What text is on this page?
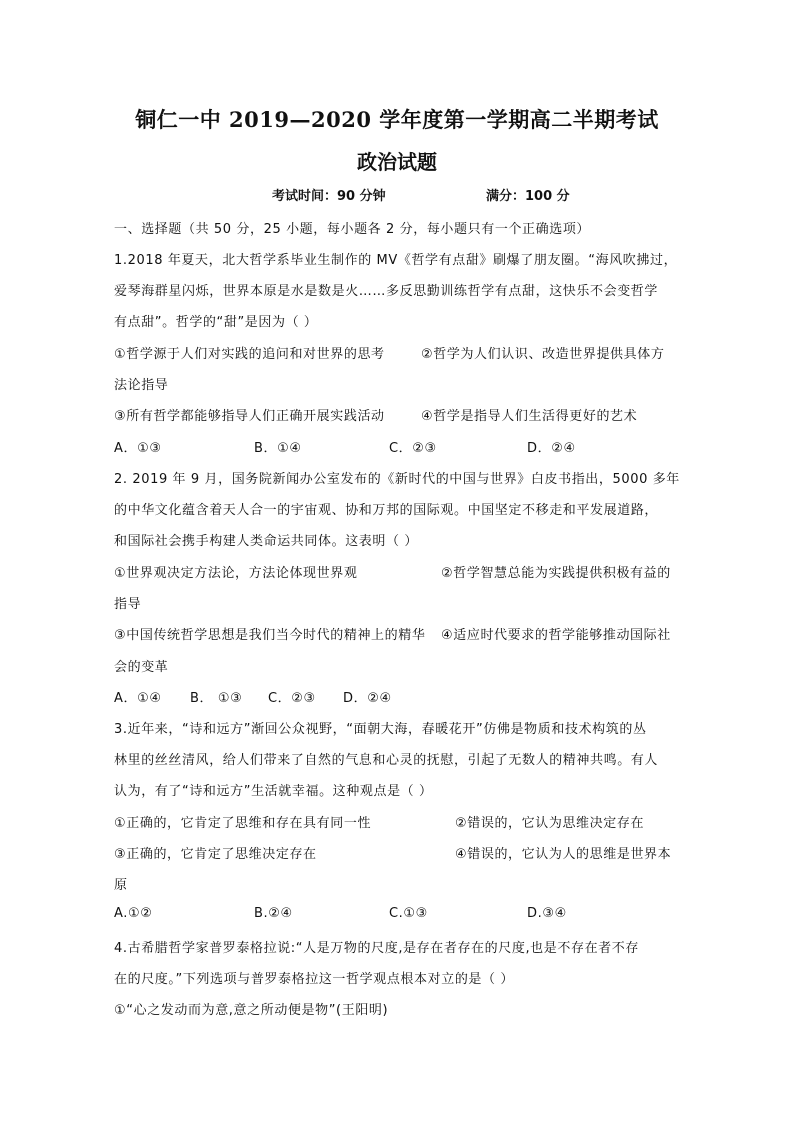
铜仁一中 2019—2020 学年度第一学期高二半期考试
政治试题
考试时间：90 分钟	满分：100 分
一、选择题（共 50 分，25 小题，每小题各 2 分，每小题只有一个正确选项）
1.2018 年夏天，北大哲学系毕业生制作的 MV《哲学有点甜》刷爆了朋友圈。“海风吹拂过，
爱琴海群星闪烁，世界本原是水是数是火……多反思勤训练哲学有点甜，这快乐不会变哲学
有点甜”。哲学的“甜”是因为（ ）
①哲学源于人们对实践的追问和对世界的思考	②哲学为人们认识、改造世界提供具体方
法论指导
③所有哲学都能够指导人们正确开展实践活动	④哲学是指导人们生活得更好的艺术
A．①③	B．①④	C．②③	D．②④
2. 2019 年 9 月，国务院新闻办公室发布的《新时代的中国与世界》白皮书指出，5000 多年
的中华文化蕴含着天人合一的宇宙观、协和万邦的国际观。中国坚定不移走和平发展道路，
和国际社会携手构建人类命运共同体。这表明（ ）
①世界观决定方法论，方法论体现世界观	②哲学智慧总能为实践提供积极有益的
指导
③中国传统哲学思想是我们当今时代的精神上的精华 ④适应时代要求的哲学能够推动国际社
会的变革
A．①④ B． ①③ C．②③ D．②④
3.近年来，“诗和远方”渐回公众视野，“面朝大海，春暖花开”仿佛是物质和技术构筑的丛
林里的丝丝清风，给人们带来了自然的气息和心灵的抚慰，引起了无数人的精神共鸣。有人
认为，有了“诗和远方”生活就幸福。这种观点是（ ）
①正确的，它肯定了思维和存在具有同一性	②错误的，它认为思维决定存在
③正确的，它肯定了思维决定存在	④错误的，它认为人的思维是世界本
原
A.①②	B.②④	C.①③	D.③④
4.古希腊哲学家普罗泰格拉说:“人是万物的尺度,是存在者存在的尺度,也是不存在者不存
在的尺度。”下列选项与普罗泰格拉这一哲学观点根本对立的是（ ）
①“心之发动而为意,意之所动便是物”(王阳明)
